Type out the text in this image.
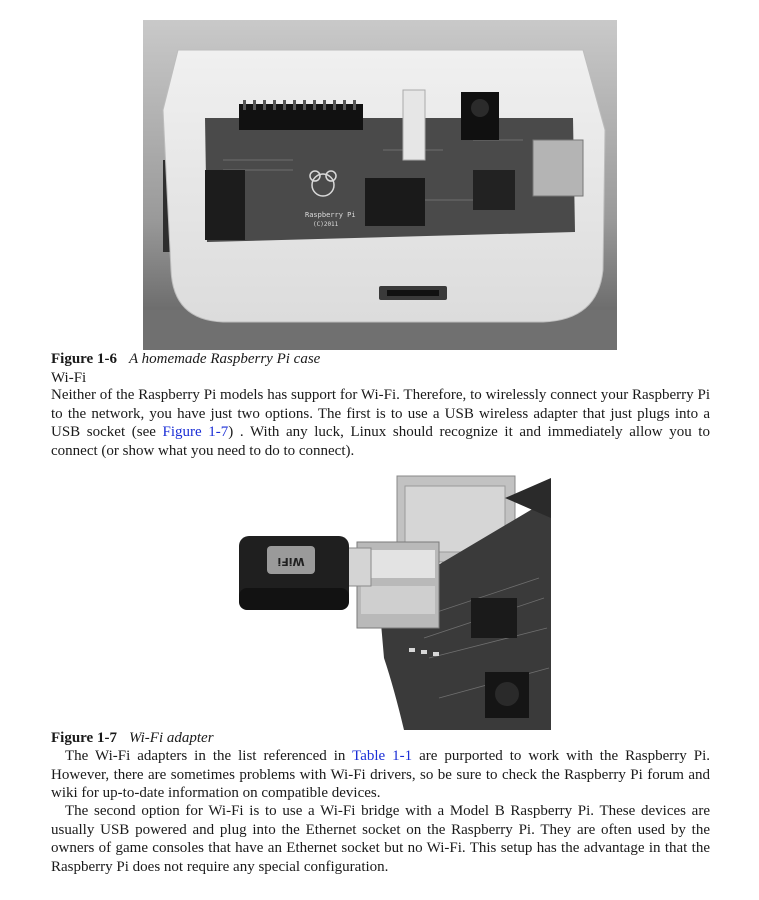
Raspberry Pi
(C)2011
Figure 1-6 A homemade Raspberry Pi case
Wi-Fi

Neither of the Raspberry Pi models has support for Wi-Fi. Therefore, to wirelessly connect your Raspberry Pi to the network, you have just two options. The first is to use a USB wireless adapter that just plugs into a USB socket (see Figure 1-7) . With any luck, Linux should recognize it and immediately allow you to connect (or show what you need to do to connect).

WiFi
Figure 1-7 Wi-Fi adapter

The Wi-Fi adapters in the list referenced in Table 1-1 are purported to work with the Raspberry Pi. However, there are sometimes problems with Wi-Fi drivers, so be sure to check the Raspberry Pi forum and wiki for up-to-date information on compatible devices.

The second option for Wi-Fi is to use a Wi-Fi bridge with a Model B Raspberry Pi. These devices are usually USB powered and plug into the Ethernet socket on the Raspberry Pi. They are often used by the owners of game consoles that have an Ethernet socket but no Wi-Fi. This setup has the advantage in that the Raspberry Pi does not require any special configuration.
